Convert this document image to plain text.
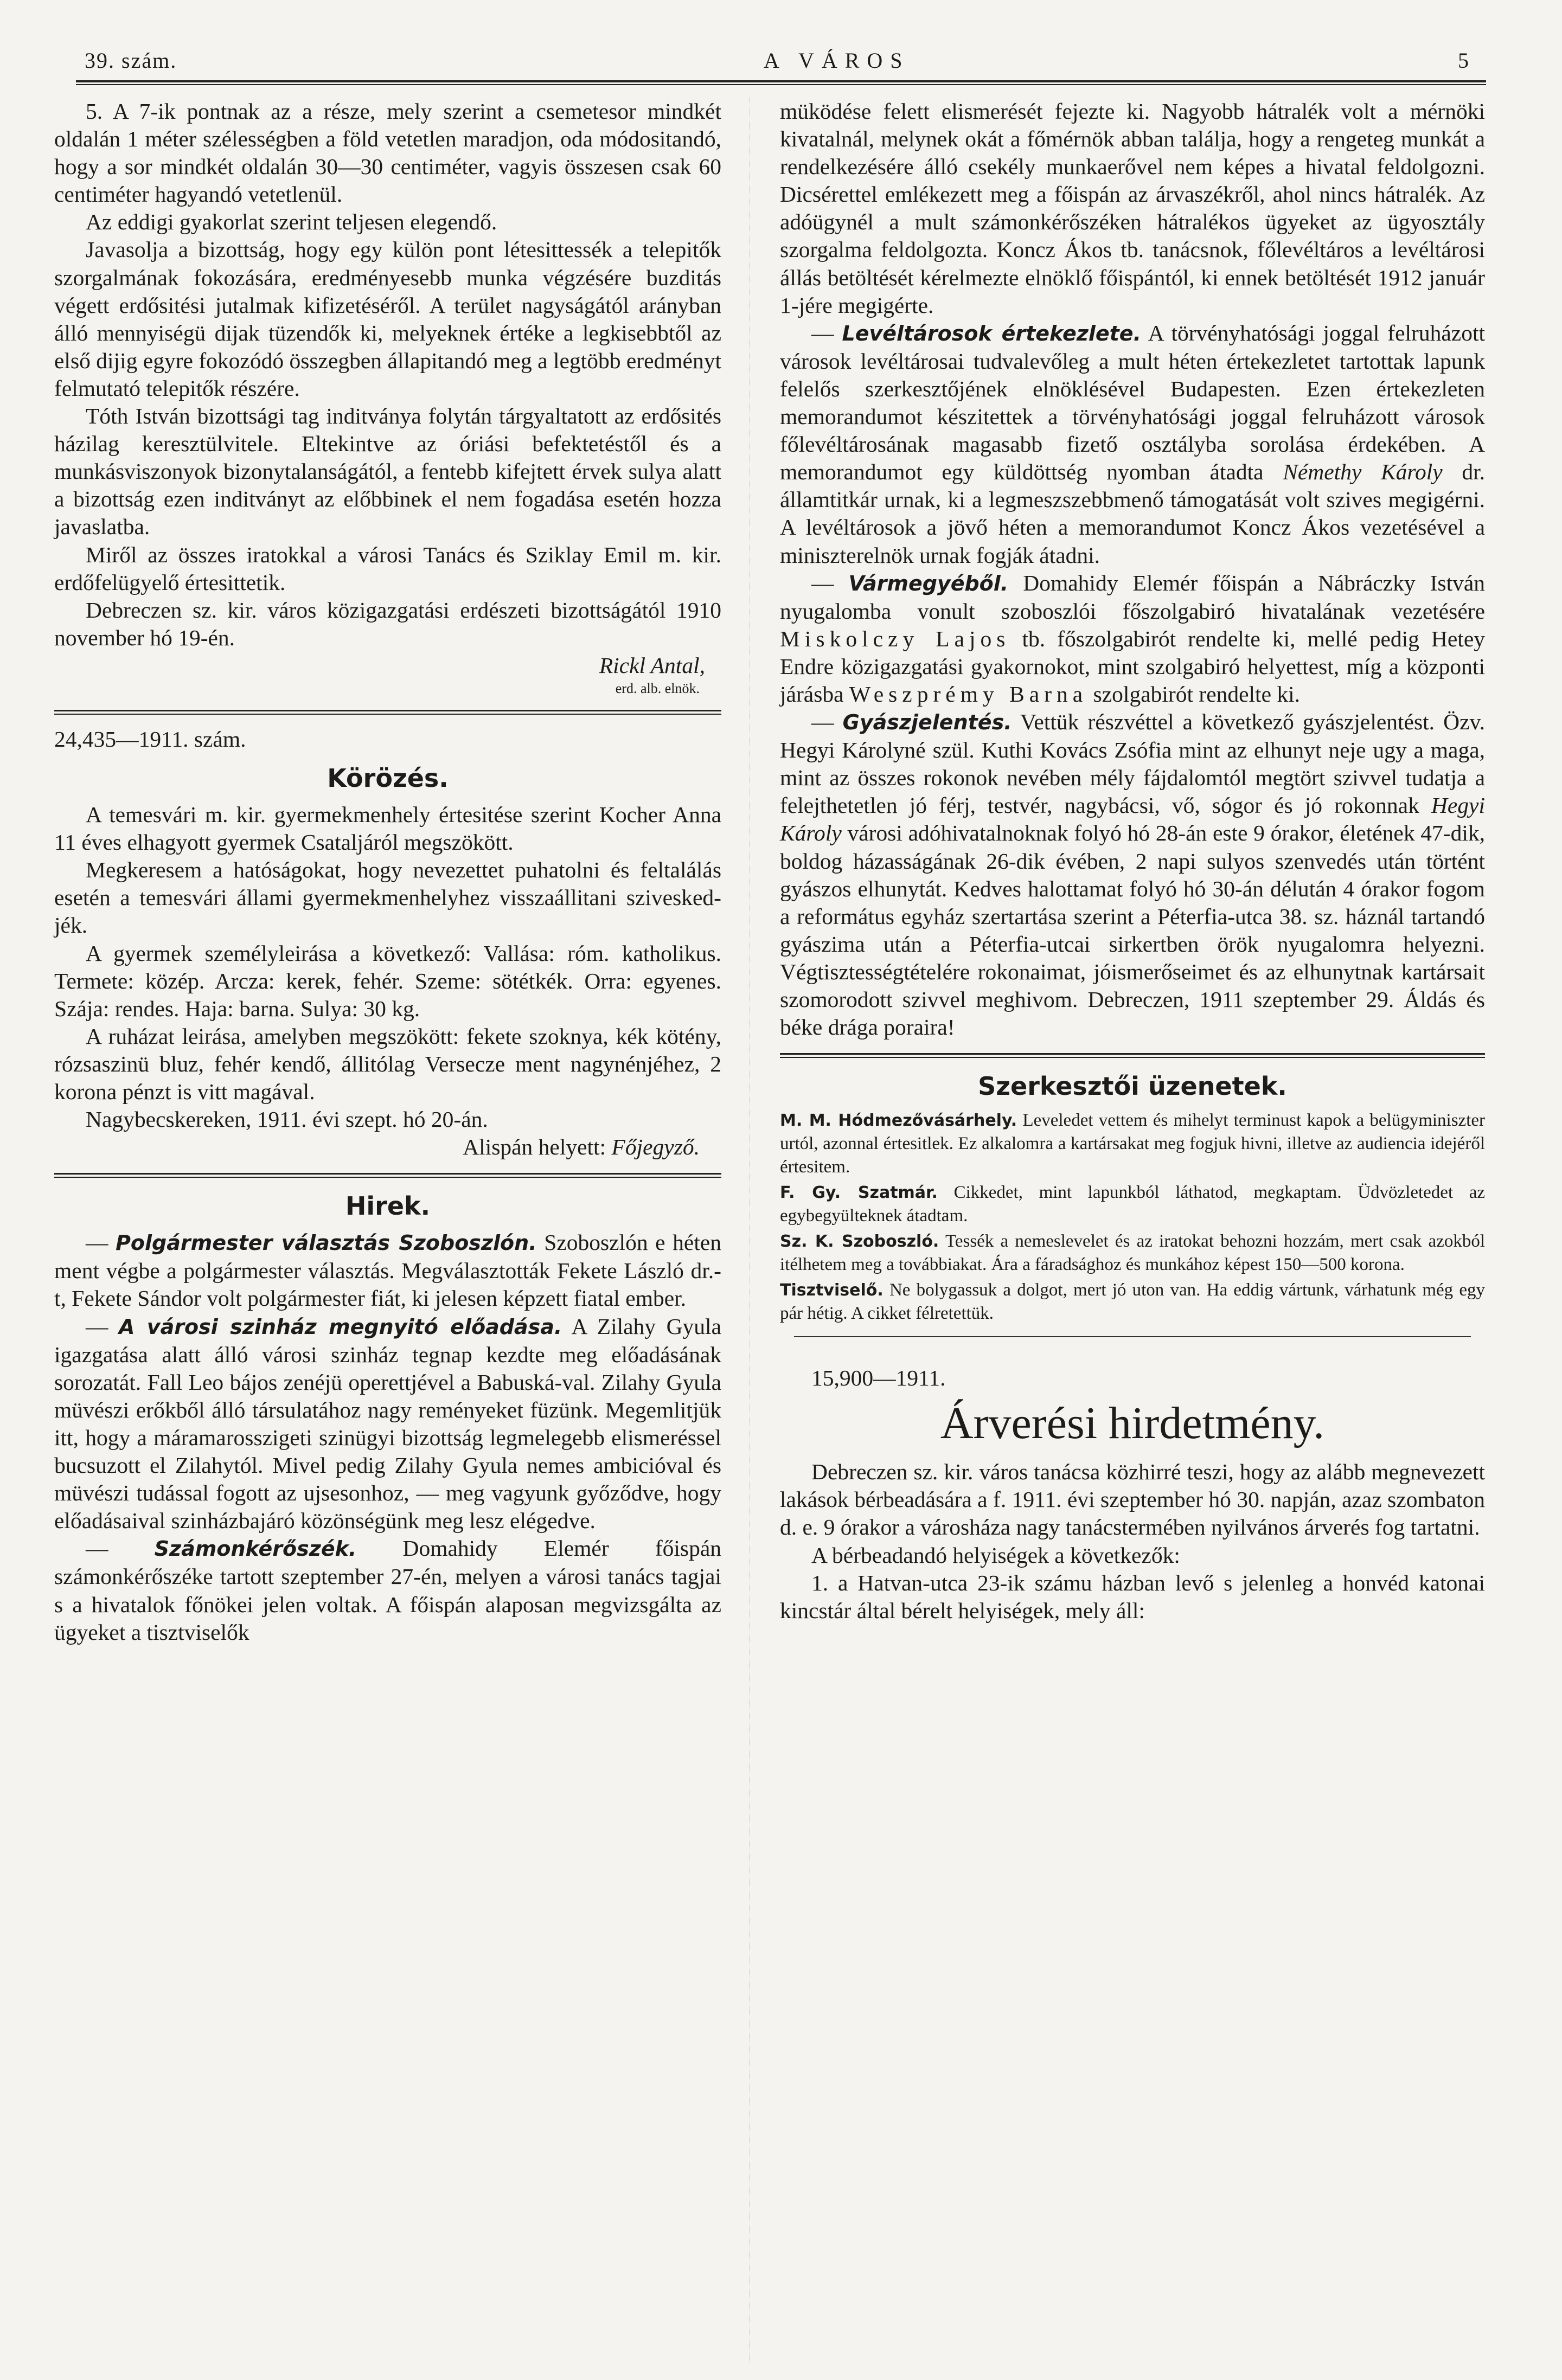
39. szám.	A VÁROS	5

5. A 7-ik pontnak az a része, mely szerint a csemetesor mindkét oldalán 1 méter szélességben a föld vetetlen maradjon, oda módositandó, hogy a sor mindkét oldalán 30—30 centiméter, vagyis összesen csak 60 centiméter hagyandó vetetlenül.

Az eddigi gyakorlat szerint teljesen elegendő.

Javasolja a bizottság, hogy egy külön pont létesittessék a telepitők szorgalmának fokozására, eredményesebb munka végzésére buzditás végett erdősitési jutalmak kifizetéséről. A terület nagyságától arányban álló mennyiségü dijak tüzendők ki, melyeknek értéke a legkisebbtől az első dijig egyre fokozódó összegben állapitandó meg a legtöbb eredményt felmutató telepitők részére.

Tóth István bizottsági tag inditványa folytán tárgyaltatott az erdősités házilag keresztülvitele. Eltekintve az óriási befektetéstől és a munkásviszonyok bizonytalanságától, a fentebb kifejtett érvek sulya alatt a bizottság ezen inditványt az előbbinek el nem fogadása esetén hozza javaslatba.

Miről az összes iratokkal a városi Tanács és Sziklay Emil m. kir. erdőfelügyelő értesittetik.

Debreczen sz. kir. város közigazgatási erdészeti bizottságától 1910 november hó 19-én.

Rickl Antal,
erd. alb. elnök.

24,435—1911. szám.

Körözés.

A temesvári m. kir. gyermekmenhely értesitése szerint Kocher Anna 11 éves elhagyott gyermek Csataljáról megszökött.

Megkeresem a hatóságokat, hogy nevezettet puhatolni és feltalálás esetén a temesvári állami gyermekmenhelyhez visszaállitani sziveskedjék.

A gyermek személyleirása a következő: Vallása: róm. katholikus. Termete: közép. Arcza: kerek, fehér. Szeme: sötétkék. Orra: egyenes. Szája: rendes. Haja: barna. Sulya: 30 kg.

A ruházat leirása, amelyben megszökött: fekete szoknya, kék kötény, rózsaszinü bluz, fehér kendő, állitólag Versecze ment nagynénjéhez, 2 korona pénzt is vitt magával.

Nagybecskereken, 1911. évi szept. hó 20-án.

Alispán helyett: Főjegyző.
Hirek.

— Polgármester választás Szoboszlón. Szoboszlón e héten ment végbe a polgármester választás. Megválasztották Fekete László dr.-t, Fekete Sándor volt polgármester fiát, ki jelesen képzett fiatal ember.

— A városi szinház megnyitó előadása. A Zilahy Gyula igazgatása alatt álló városi szinház tegnap kezdte meg előadásának sorozatát. Fall Leo bájos zenéjü operettjével a Babuská-val. Zilahy Gyula müvészi erőkből álló társulatához nagy reményeket füzünk. Megemlitjük itt, hogy a máramarosszigeti szinügyi bizottság legmelegebb elismeréssel bucsuzott el Zilahytól. Mivel pedig Zilahy Gyula nemes ambicióval és müvészi tudással fogott az ujsesonhoz, — meg vagyunk győződve, hogy előadásaival szinházbajáró közönségünk meg lesz elégedve.

— Számonkérőszék. Domahidy Elemér főispán számonkérőszéke tartott szeptember 27-én, melyen a városi tanács tagjai s a hivatalok főnökei jelen voltak. A főispán alaposan megvizsgálta az ügyeket a tisztviselők

müködése felett elismerését fejezte ki. Nagyobb hátralék volt a mérnöki kivatalnál, melynek okát a főmérnök abban találja, hogy a rengeteg munkát a rendelkezésére álló csekély munkaerővel nem képes a hivatal feldolgozni. Dicsérettel emlékezett meg a főispán az árvaszékről, ahol nincs hátralék. Az adóügynél a mult számonkérőszéken hátralékos ügyeket az ügyosztály szorgalma feldolgozta. Koncz Ákos tb. tanácsnok, főlevéltáros a levéltárosi állás betöltését kérelmezte elnöklő főispántól, ki ennek betöltését 1912 január 1-jére megigérte.

— Levéltárosok értekezlete. A törvényhatósági joggal felruházott városok levéltárosai tudvalevőleg a mult héten értekezletet tartottak lapunk felelős szerkesztőjének elnöklésével Budapesten. Ezen értekezleten memorandumot készitettek a törvényhatósági joggal felruházott városok főlevéltárosának magasabb fizető osztályba sorolása érdekében. A memorandumot egy küldöttség nyomban átadta Némethy Károly dr. államtitkár urnak, ki a legmeszszebbmenő támogatását volt szives megigérni. A levéltárosok a jövő héten a memorandumot Koncz Ákos vezetésével a miniszterelnök urnak fogják átadni.

— Vármegyéből. Domahidy Elemér főispán a Nábráczky István nyugalomba vonult szoboszlói főszolgabiró hivatalának vezetésére Miskolczy Lajos tb. főszolgabirót rendelte ki, mellé pedig Hetey Endre közigazgatási gyakornokot, mint szolgabiró helyettest, míg a központi járásba Weszprémy Barna szolgabirót rendelte ki.

— Gyászjelentés. Vettük részvéttel a következő gyászjelentést. Özv. Hegyi Károlyné szül. Kuthi Kovács Zsófia mint az elhunyt neje ugy a maga, mint az összes rokonok nevében mély fájdalomtól megtört szivvel tudatja a felejthetetlen jó férj, testvér, nagybácsi, vő, sógor és jó rokonnak Hegyi Károly városi adóhivatalnoknak folyó hó 28-án este 9 órakor, életének 47-dik, boldog házasságának 26-dik évében, 2 napi sulyos szenvedés után történt gyászos elhunytát. Kedves halottamat folyó hó 30-án délután 4 órakor fogom a református egyház szertartása szerint a Péterfia-utca 38. sz. háznál tartandó gyászima után a Péterfia-utcai sirkertben örök nyugalomra helyezni. Végtisztességtételére rokonaimat, jóismerőseimet és az elhunytnak kartársait szomorodott szivvel meghivom. Debreczen, 1911 szeptember 29. Áldás és béke drága poraira!

Szerkesztői üzenetek.

M. M. Hódmezővásárhely. Leveledet vettem és mihelyt terminust kapok a belügyminiszter urtól, azonnal értesitlek. Ez alkalomra a kartársakat meg fogjuk hivni, illetve az audiencia idejéről értesitem.

F. Gy. Szatmár. Cikkedet, mint lapunkból láthatod, megkaptam. Üdvözletedet az egybegyülteknek átadtam.

Sz. K. Szoboszló. Tessék a nemeslevelet és az iratokat behozni hozzám, mert csak azokból itélhetem meg a továbbiakat. Ára a fáradsághoz és munkához képest 150—500 korona.

Tisztviselő. Ne bolygassuk a dolgot, mert jó uton van. Ha eddig vártunk, várhatunk még egy pár hétig. A cikket félretettük.

15,900—1911.

Árverési hirdetmény.

Debreczen sz. kir. város tanácsa közhirré teszi, hogy az alább megnevezett lakások bérbeadására a f. 1911. évi szeptember hó 30. napján, azaz szombaton d. e. 9 órakor a városháza nagy tanácstermében nyilvános árverés fog tartatni.

A bérbeadandó helyiségek a következők:

1. a Hatvan-utca 23-ik számu házban levő s jelenleg a honvéd katonai kincstár által bérelt helyiségek, mely áll:
